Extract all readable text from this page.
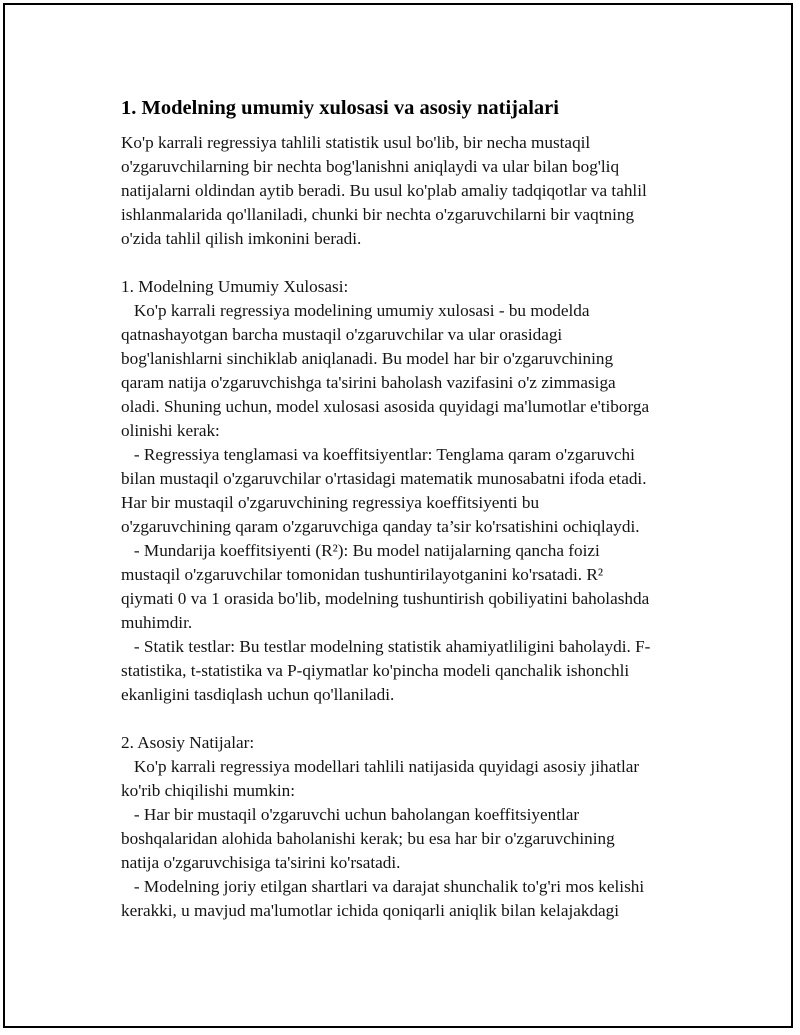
1. Modelning umumiy xulosasi va asosiy natijalari
Ko'p karrali regressiya tahlili statistik usul bo'lib, bir necha mustaqil
o'zgaruvchilarning bir nechta bog'lanishni aniqlaydi va ular bilan bog'liq
natijalarni oldindan aytib beradi. Bu usul ko'plab amaliy tadqiqotlar va tahlil
ishlanmalarida qo'llaniladi, chunki bir nechta o'zgaruvchilarni bir vaqtning
o'zida tahlil qilish imkonini beradi.
1. Modelning Umumiy Xulosasi:
Ko'p karrali regressiya modelining umumiy xulosasi - bu modelda
qatnashayotgan barcha mustaqil o'zgaruvchilar va ular orasidagi
bog'lanishlarni sinchiklab aniqlanadi. Bu model har bir o'zgaruvchining
qaram natija o'zgaruvchishga ta'sirini baholash vazifasini o'z zimmasiga
oladi. Shuning uchun, model xulosasi asosida quyidagi ma'lumotlar e'tiborga
olinishi kerak:
- Regressiya tenglamasi va koeffitsiyentlar: Tenglama qaram o'zgaruvchi
bilan mustaqil o'zgaruvchilar o'rtasidagi matematik munosabatni ifoda etadi.
Har bir mustaqil o'zgaruvchining regressiya koeffitsiyenti bu
o'zgaruvchining qaram o'zgaruvchiga qanday ta’sir ko'rsatishini ochiqlaydi.
- Mundarija koeffitsiyenti (R²): Bu model natijalarning qancha foizi
mustaqil o'zgaruvchilar tomonidan tushuntirilayotganini ko'rsatadi. R²
qiymati 0 va 1 orasida bo'lib, modelning tushuntirish qobiliyatini baholashda
muhimdir.
- Statik testlar: Bu testlar modelning statistik ahamiyatliligini baholaydi. F-
statistika, t-statistika va P-qiymatlar ko'pincha modeli qanchalik ishonchli
ekanligini tasdiqlash uchun qo'llaniladi.
2. Asosiy Natijalar:
Ko'p karrali regressiya modellari tahlili natijasida quyidagi asosiy jihatlar
ko'rib chiqilishi mumkin:
- Har bir mustaqil o'zgaruvchi uchun baholangan koeffitsiyentlar
boshqalaridan alohida baholanishi kerak; bu esa har bir o'zgaruvchining
natija o'zgaruvchisiga ta'sirini ko'rsatadi.
- Modelning joriy etilgan shartlari va darajat shunchalik to'g'ri mos kelishi
kerakki, u mavjud ma'lumotlar ichida qoniqarli aniqlik bilan kelajakdagi
